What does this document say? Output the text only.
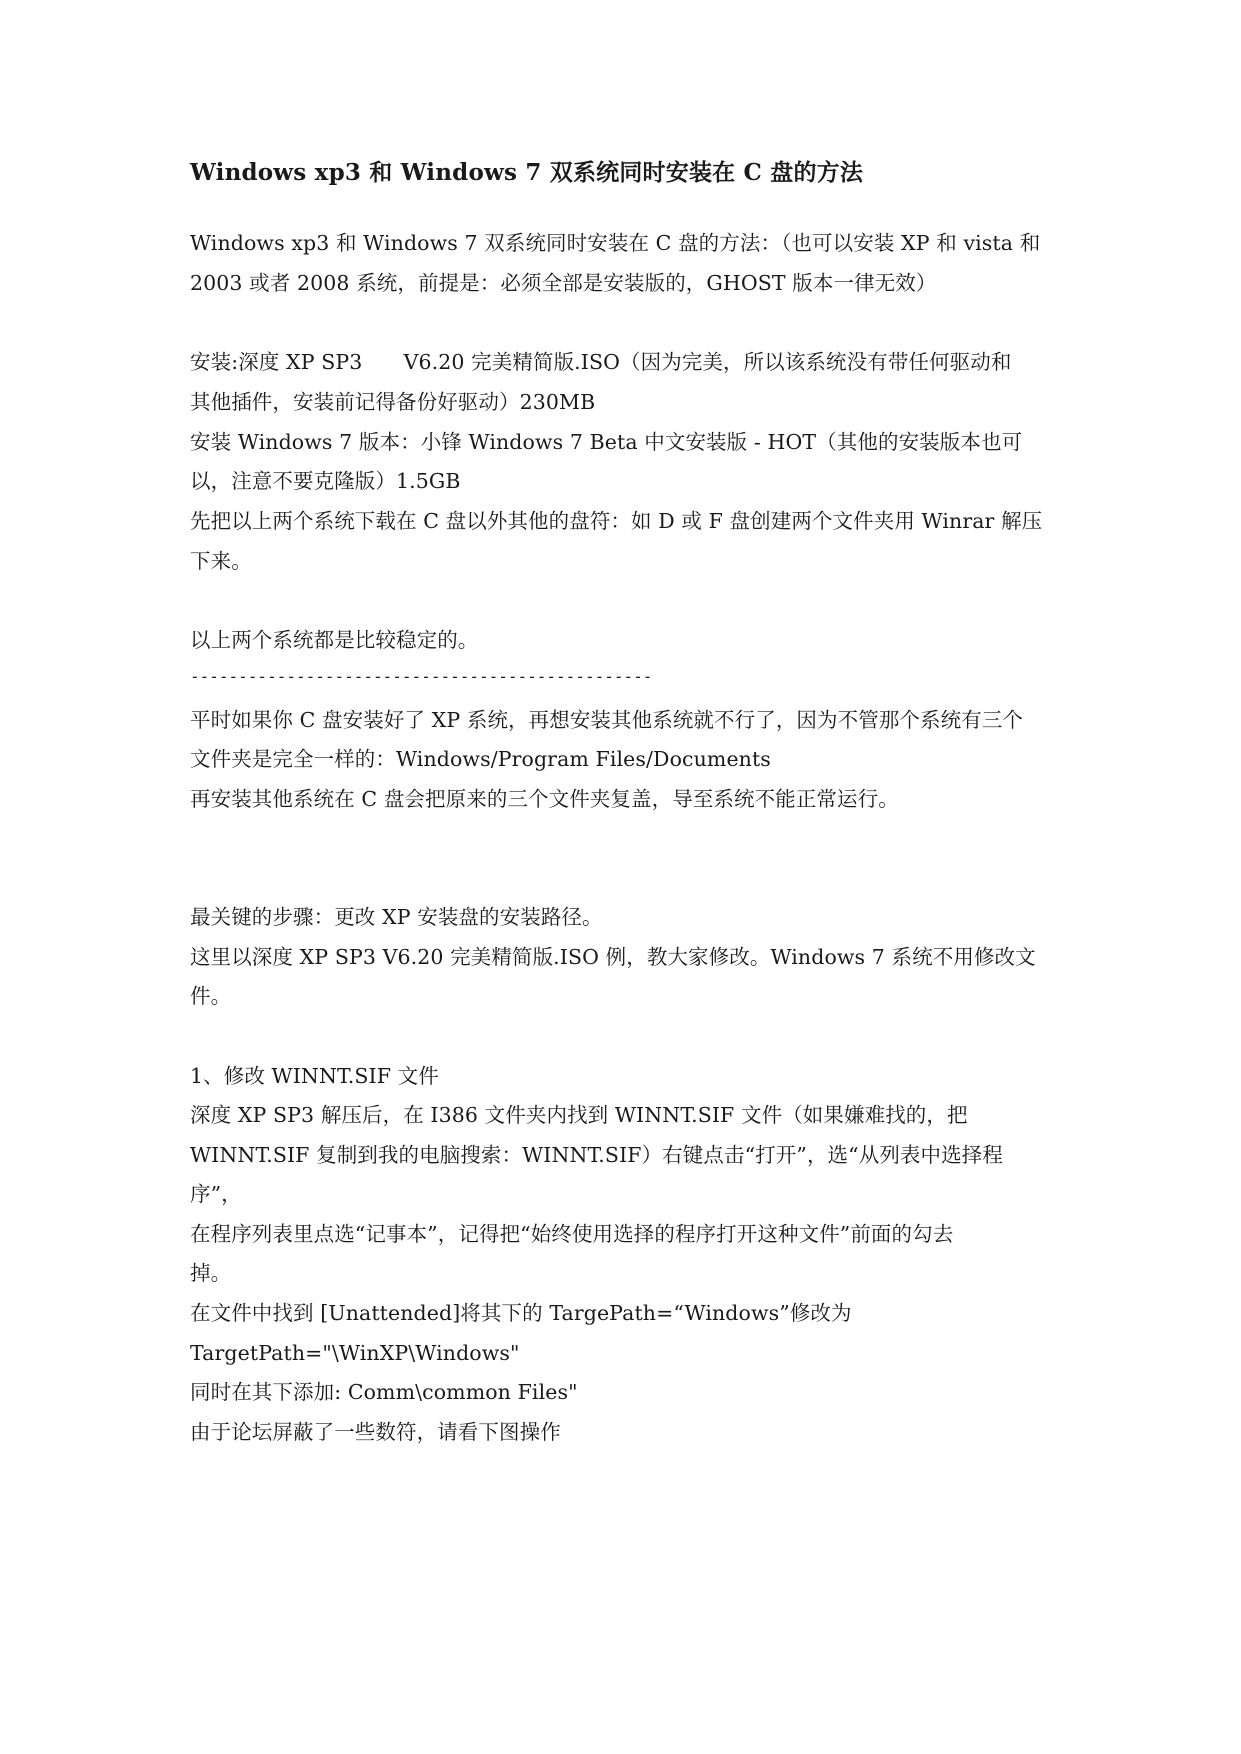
Windows xp3 和 Windows 7 双系统同时安装在 C 盘的方法
Windows xp3 和 Windows 7 双系统同时安装在 C 盘的方法：（也可以安装 XP 和 vista 和
2003 或者 2008 系统，前提是：必须全部是安装版的，GHOST 版本一律无效）
安装:深度 XP SP3　　V6.20 完美精简版.ISO（因为完美，所以该系统没有带任何驱动和
其他插件，安装前记得备份好驱动）230MB
安装 Windows 7 版本：小锋 Windows 7 Beta 中文安装版 - HOT（其他的安装版本也可
以，注意不要克隆版）1.5GB
先把以上两个系统下载在 C 盘以外其他的盘符：如 D 或 F 盘创建两个文件夹用 Winrar 解压
下来。
以上两个系统都是比较稳定的。
------------------------------------------------
平时如果你 C 盘安装好了 XP 系统，再想安装其他系统就不行了，因为不管那个系统有三个
文件夹是完全一样的：Windows/Program Files/Documents
再安装其他系统在 C 盘会把原来的三个文件夹复盖，导至系统不能正常运行。
最关键的步骤：更改 XP 安装盘的安装路径。
这里以深度 XP SP3 V6.20 完美精简版.ISO 例，教大家修改。Windows 7 系统不用修改文
件。
1、修改 WINNT.SIF 文件
深度 XP SP3 解压后，在 I386 文件夹内找到 WINNT.SIF 文件（如果嫌难找的，把
WINNT.SIF 复制到我的电脑搜索：WINNT.SIF）右键点击“打开”，选“从列表中选择程
序”，
在程序列表里点选“记事本”，记得把“始终使用选择的程序打开这种文件”前面的勾去
掉。
在文件中找到 [Unattended]将其下的 TargePath=“Windows”修改为
TargetPath="\WinXP\Windows"
同时在其下添加: Comm\common Files"
由于论坛屏蔽了一些数符，请看下图操作
